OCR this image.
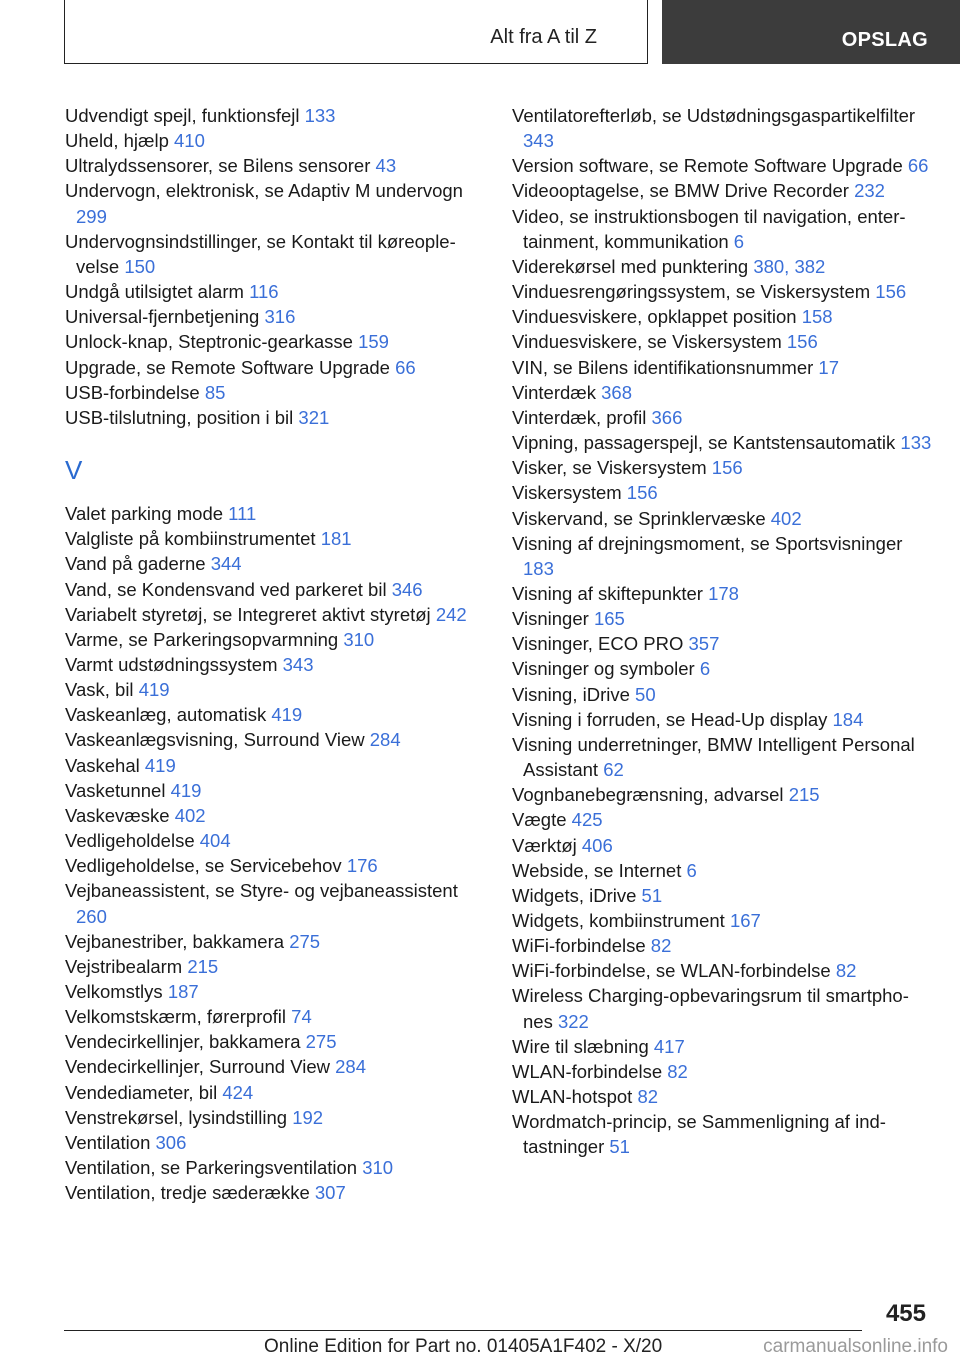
Alt fra A til Z	OPSLAG

Udvendigt spejl, funktionsfejl 133

Uheld, hjælp 410

Ultralydssensorer, se Bilens sensorer 43

Undervogn, elektronisk, se Adaptiv M undervogn 299

Undervognsindstillinger, se Kontakt til køreoplevelse 150

Undgå utilsigtet alarm 116

Universal-fjernbetjening 316

Unlock-knap, Steptronic-gearkasse 159

Upgrade, se Remote Software Upgrade 66

USB-forbindelse 85

USB-tilslutning, position i bil 321

V

Valet parking mode 111

Valgliste på kombiinstrumentet 181

Vand på gaderne 344

Vand, se Kondensvand ved parkeret bil 346

Variabelt styretøj, se Integreret aktivt styretøj 242

Varme, se Parkeringsopvarmning 310

Varmt udstødningssystem 343

Vask, bil 419

Vaskeanlæg, automatisk 419

Vaskeanlægsvisning, Surround View 284

Vaskehal 419

Vasketunnel 419

Vaskevæske 402

Vedligeholdelse 404

Vedligeholdelse, se Servicebehov 176

Vejbaneassistent, se Styre- og vejbaneassistent 260

Vejbanestriber, bakkamera 275

Vejstribealarm 215

Velkomstlys 187

Velkomstskærm, førerprofil 74

Vendecirkellinjer, bakkamera 275

Vendecirkellinjer, Surround View 284

Vendediameter, bil 424

Venstrekørsel, lysindstilling 192

Ventilation 306

Ventilation, se Parkeringsventilation 310

Ventilation, tredje sæderække 307

Ventilatorefterløb, se Udstødningsgaspartikelfilter 343

Version software, se Remote Software Upgrade 66

Videooptagelse, se BMW Drive Recorder 232

Video, se instruktionsbogen til navigation, entertainment, kommunikation 6

Viderekørsel med punktering 380, 382

Vinduesrengøringssystem, se Viskersystem 156

Vinduesviskere, opklappet position 158

Vinduesviskere, se Viskersystem 156

VIN, se Bilens identifikationsnummer 17

Vinterdæk 368

Vinterdæk, profil 366

Vipning, passagerspejl, se Kantstensautomatik 133

Visker, se Viskersystem 156

Viskersystem 156

Viskervand, se Sprinklervæske 402

Visning af drejningsmoment, se Sportsvisninger 183

Visning af skiftepunkter 178

Visninger 165

Visninger, ECO PRO 357

Visninger og symboler 6

Visning, iDrive 50

Visning i forruden, se Head-Up display 184

Visning underretninger, BMW Intelligent Personal Assistant 62

Vognbanebegrænsning, advarsel 215

Vægte 425

Værktøj 406

Webside, se Internet 6

Widgets, iDrive 51

Widgets, kombiinstrument 167

WiFi-forbindelse 82

WiFi-forbindelse, se WLAN-forbindelse 82

Wireless Charging-opbevaringsrum til smartphones 322

Wire til slæbning 417

WLAN-forbindelse 82

WLAN-hotspot 82

Wordmatch-princip, se Sammenligning af indtastninger 51

455
Online Edition for Part no. 01405A1F402 - X/20	carmanualsonline.info
